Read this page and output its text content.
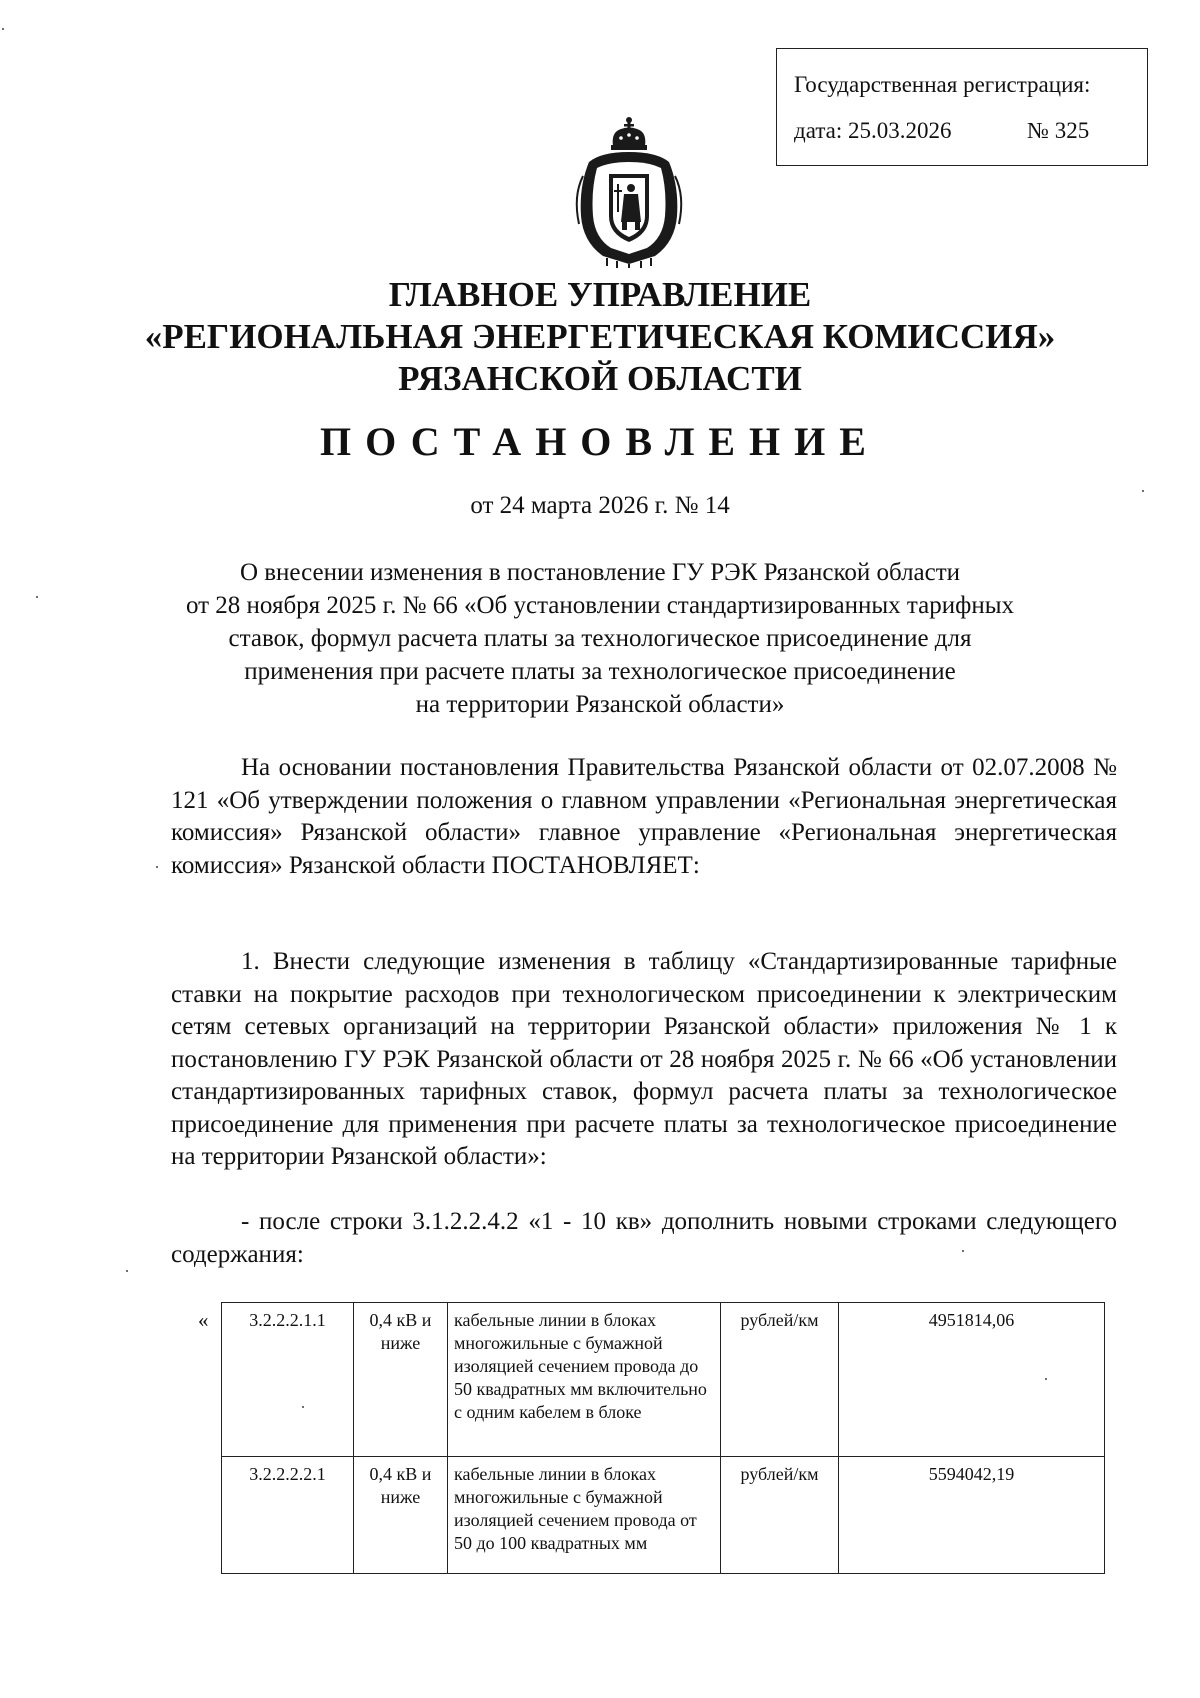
Государственная регистрация:
дата: 25.03.2026	№ 325
ГЛАВНОЕ УПРАВЛЕНИЕ
«РЕГИОНАЛЬНАЯ ЭНЕРГЕТИЧЕСКАЯ КОМИССИЯ»
РЯЗАНСКОЙ ОБЛАСТИ
ПОСТАНОВЛЕНИЕ
от 24 марта 2026 г. № 14
О внесении изменения в постановление ГУ РЭК Рязанской области
от 28 ноября 2025 г. № 66 «Об установлении стандартизированных тарифных
ставок, формул расчета платы за технологическое присоединение для
применения при расчете платы за технологическое присоединение
на территории Рязанской области»

На основании постановления Правительства Рязанской области от 02.07.2008 № 121 «Об утверждении положения о главном управлении «Региональная энергетическая комиссия» Рязанской области» главное управление «Региональная энергетическая комиссия» Рязанской области ПОСТАНОВЛЯЕТ:

1. Внести следующие изменения в таблицу «Стандартизированные тарифные ставки на покрытие расходов при технологическом присоединении к электрическим сетям сетевых организаций на территории Рязанской области» приложения № 1 к постановлению ГУ РЭК Рязанской области от 28 ноября 2025 г. № 66 «Об установлении стандартизированных тарифных ставок, формул расчета платы за технологическое присоединение для применения при расчете платы за технологическое присоединение на территории Рязанской области»:

- после строки 3.1.2.2.4.2 «1 - 10 кв» дополнить новыми строками следующего содержания:

« 3.2.2.2.1.1	0,4 кВ и ниже	кабельные линии в блоках многожильные с бумажной изоляцией сечением провода до 50 квадратных мм включительно с одним кабелем в блоке	рублей/км	4951814,06
3.2.2.2.2.1	0,4 кВ и ниже	кабельные линии в блоках многожильные с бумажной изоляцией сечением провода от 50 до 100 квадратных мм	рублей/км	5594042,19
